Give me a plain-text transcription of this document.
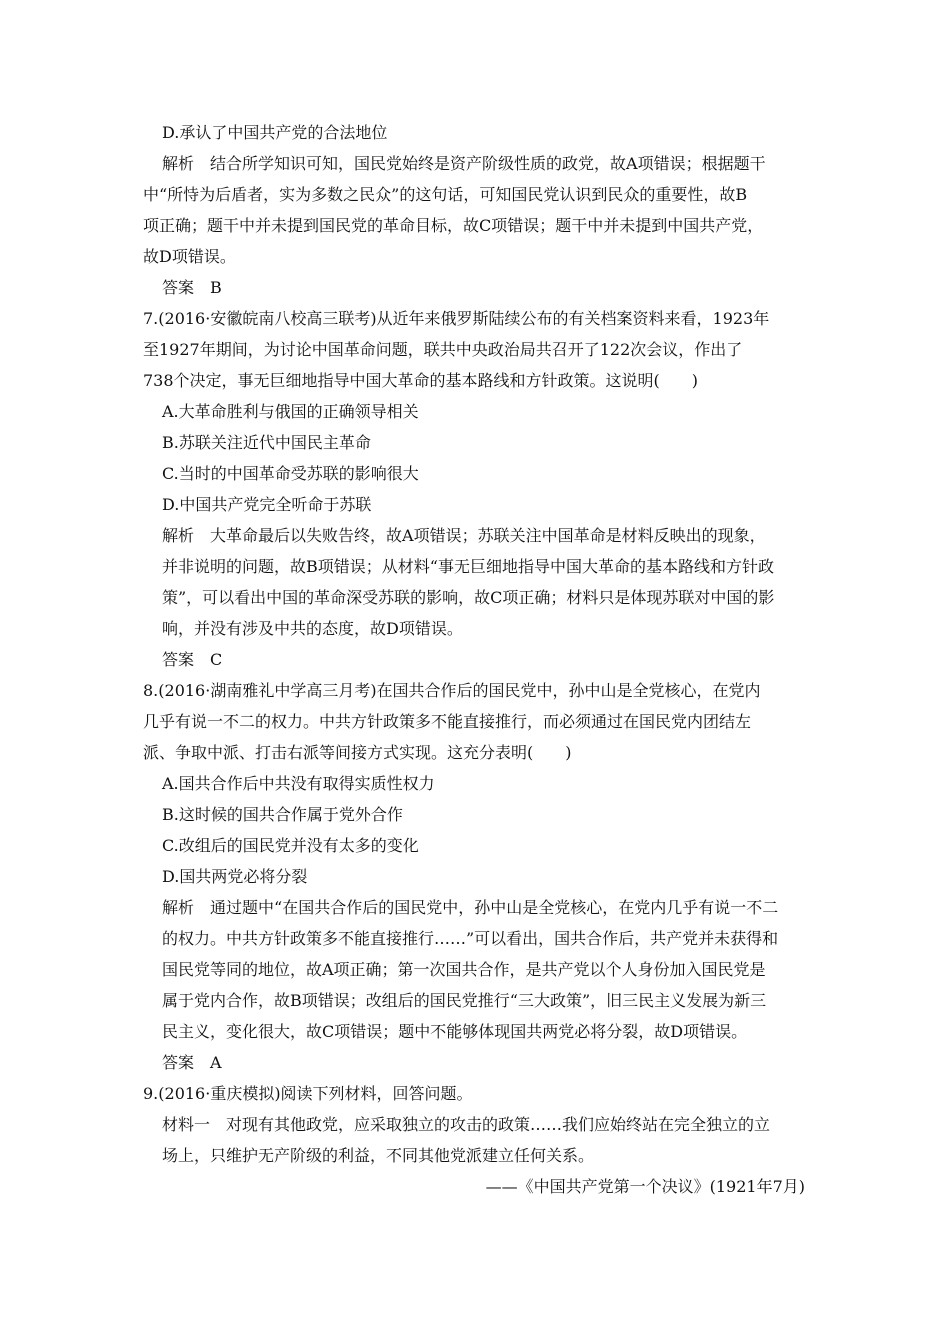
D.承认了中国共产党的合法地位
解析 结合所学知识可知，国民党始终是资产阶级性质的政党，故A项错误；根据题干
中“所恃为后盾者，实为多数之民众”的这句话，可知国民党认识到民众的重要性，故B
项正确；题干中并未提到国民党的革命目标，故C项错误；题干中并未提到中国共产党，
故D项错误。
答案 B
7.(2016·安徽皖南八校高三联考)从近年来俄罗斯陆续公布的有关档案资料来看，1923年
至1927年期间，为讨论中国革命问题，联共中央政治局共召开了122次会议，作出了
738个决定，事无巨细地指导中国大革命的基本路线和方针政策。这说明(　　)
A.大革命胜利与俄国的正确领导相关
B.苏联关注近代中国民主革命
C.当时的中国革命受苏联的影响很大
D.中国共产党完全听命于苏联
解析 大革命最后以失败告终，故A项错误；苏联关注中国革命是材料反映出的现象，
并非说明的问题，故B项错误；从材料“事无巨细地指导中国大革命的基本路线和方针政
策”，可以看出中国的革命深受苏联的影响，故C项正确；材料只是体现苏联对中国的影
响，并没有涉及中共的态度，故D项错误。
答案 C
8.(2016·湖南雅礼中学高三月考)在国共合作后的国民党中，孙中山是全党核心，在党内
几乎有说一不二的权力。中共方针政策多不能直接推行，而必须通过在国民党内团结左
派、争取中派、打击右派等间接方式实现。这充分表明(　　)
A.国共合作后中共没有取得实质性权力
B.这时候的国共合作属于党外合作
C.改组后的国民党并没有太多的变化
D.国共两党必将分裂
解析 通过题中“在国共合作后的国民党中，孙中山是全党核心，在党内几乎有说一不二
的权力。中共方针政策多不能直接推行……”可以看出，国共合作后，共产党并未获得和
国民党等同的地位，故A项正确；第一次国共合作，是共产党以个人身份加入国民党是
属于党内合作，故B项错误；改组后的国民党推行“三大政策”，旧三民主义发展为新三
民主义，变化很大，故C项错误；题中不能够体现国共两党必将分裂，故D项错误。
答案 A
9.(2016·重庆模拟)阅读下列材料，回答问题。
材料一 对现有其他政党，应采取独立的攻击的政策……我们应始终站在完全独立的立
场上，只维护无产阶级的利益，不同其他党派建立任何关系。
——《中国共产党第一个决议》(1921年7月)
